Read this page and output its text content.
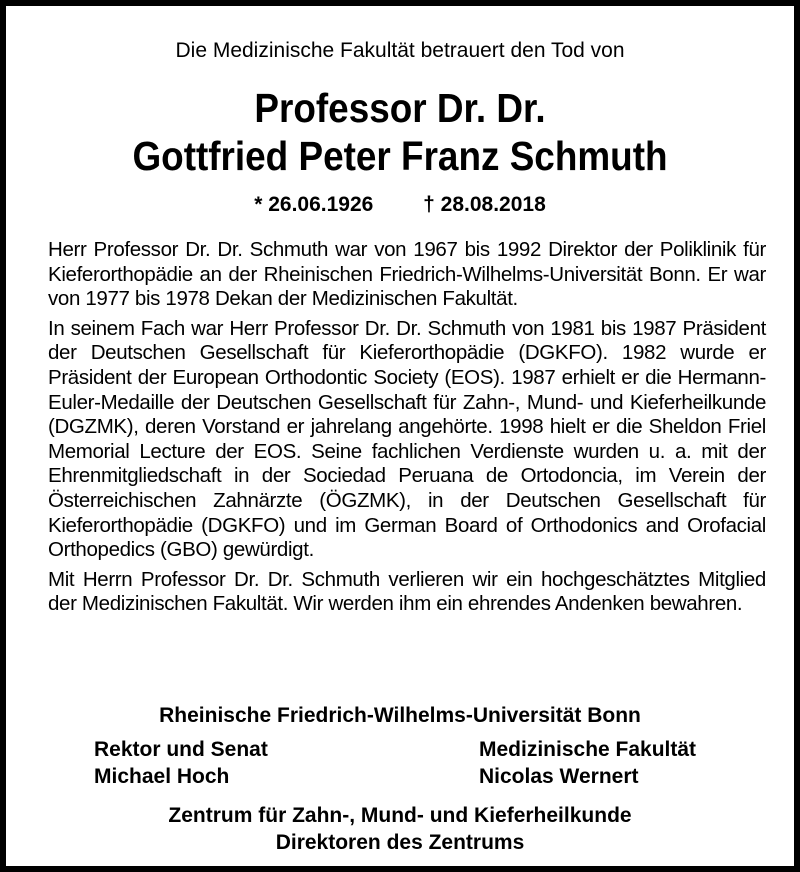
Die Medizinische Fakultät betrauert den Tod von
Professor Dr. Dr.
Gottfried Peter Franz Schmuth
* 26.06.1926 † 28.08.2018

Herr Professor Dr. Dr. Schmuth war von 1967 bis 1992 Direktor der Poliklinik für Kieferorthopädie an der Rheinischen Friedrich-Wilhelms-Universität Bonn. Er war von 1977 bis 1978 Dekan der Medizinischen Fakultät.

In seinem Fach war Herr Professor Dr. Dr. Schmuth von 1981 bis 1987 Präsident der Deutschen Gesellschaft für Kieferorthopädie (DGKFO). 1982 wurde er Präsident der European Orthodontic Society (EOS). 1987 erhielt er die Hermann-Euler-Medaille der Deutschen Gesellschaft für Zahn-, Mund- und Kieferheilkunde (DGZMK), deren Vorstand er jahrelang angehörte. 1998 hielt er die Sheldon Friel Memorial Lecture der EOS. Seine fachlichen Verdienste wurden u. a. mit der Ehrenmitgliedschaft in der Sociedad Peruana de Ortodoncia, im Verein der Österreichischen Zahnärzte (ÖGZMK), in der Deutschen Gesellschaft für Kieferorthopädie (DGKFO) und im German Board of Orthodonics and Orofacial Orthopedics (GBO) gewürdigt.

Mit Herrn Professor Dr. Dr. Schmuth verlieren wir ein hochgeschätztes Mitglied der Medizinischen Fakultät. Wir werden ihm ein ehrendes Andenken bewahren.

Rheinische Friedrich-Wilhelms-Universität Bonn
Rektor und Senat
Michael Hoch
Medizinische Fakultät
Nicolas Wernert
Zentrum für Zahn-, Mund- und Kieferheilkunde
Direktoren des Zentrums
